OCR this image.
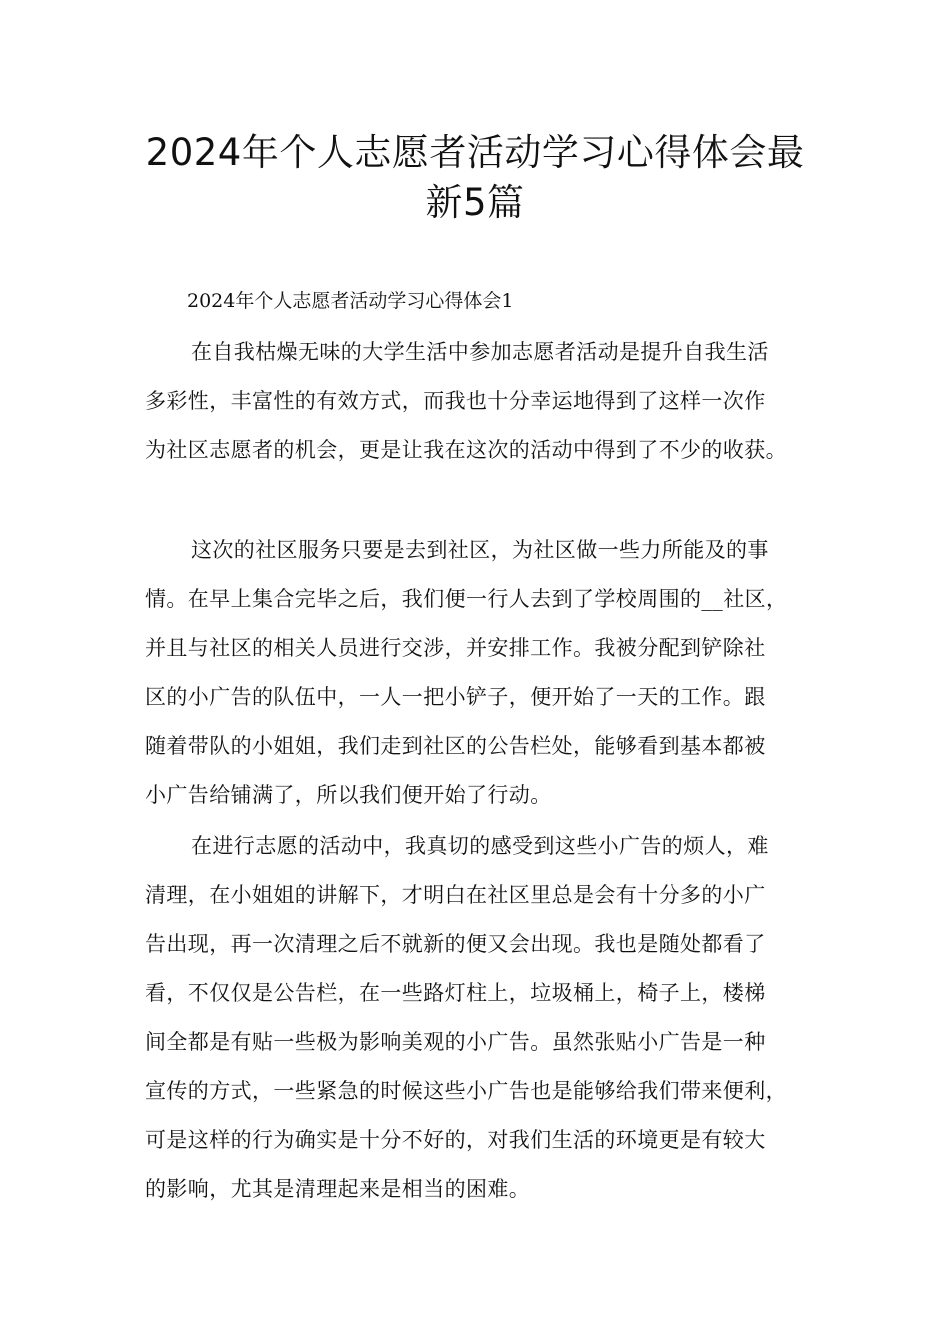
2024年个人志愿者活动学习心得体会最
新5篇

2024年个人志愿者活动学习心得体会1

在自我枯燥无味的大学生活中参加志愿者活动是提升自我生活
多彩性，丰富性的有效方式，而我也十分幸运地得到了这样一次作
为社区志愿者的机会，更是让我在这次的活动中得到了不少的收获。

这次的社区服务只要是去到社区，为社区做一些力所能及的事
情。在早上集合完毕之后，我们便一行人去到了学校周围的__社区，
并且与社区的相关人员进行交涉，并安排工作。我被分配到铲除社
区的小广告的队伍中，一人一把小铲子，便开始了一天的工作。跟
随着带队的小姐姐，我们走到社区的公告栏处，能够看到基本都被
小广告给铺满了，所以我们便开始了行动。

在进行志愿的活动中，我真切的感受到这些小广告的烦人，难
清理，在小姐姐的讲解下，才明白在社区里总是会有十分多的小广
告出现，再一次清理之后不就新的便又会出现。我也是随处都看了
看，不仅仅是公告栏，在一些路灯柱上，垃圾桶上，椅子上，楼梯
间全都是有贴一些极为影响美观的小广告。虽然张贴小广告是一种
宣传的方式，一些紧急的时候这些小广告也是能够给我们带来便利，
可是这样的行为确实是十分不好的，对我们生活的环境更是有较大
的影响，尤其是清理起来是相当的困难。
